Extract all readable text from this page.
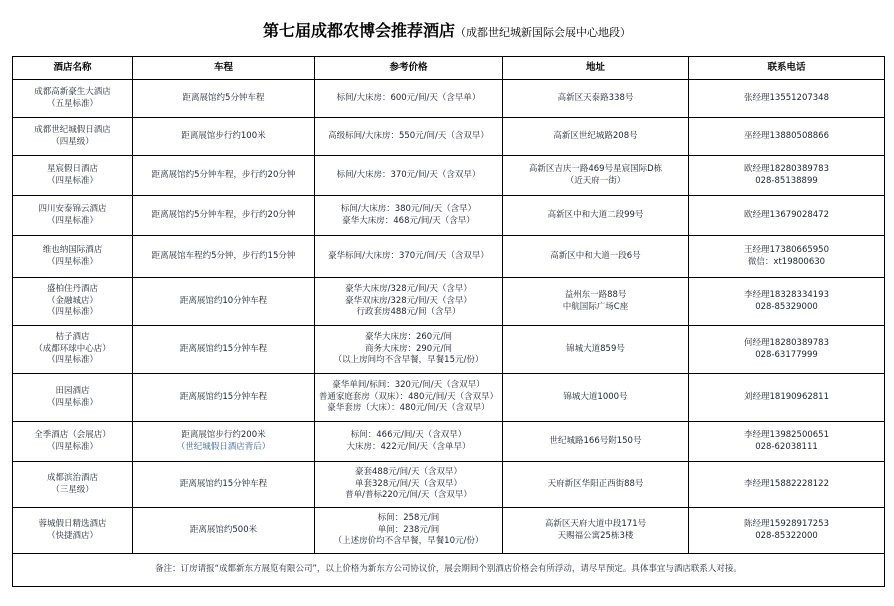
第七届成都农博会推荐酒店（成都世纪城新国际会展中心地段）
酒店名称	车程	参考价格	地址	联系电话

成都高新豪生大酒店
（五星标准）	距离展馆约5分钟车程	标间/大床房：600元/间/天（含早单）	高新区天泰路338号	张经理13551207348

成都世纪城假日酒店
（四星级）	距离展馆步行约100米	高级标间/大床房：550元/间/天（含双早）	高新区世纪城路208号	巫经理13880508866

星宸假日酒店
（四星标准）	距离展馆约5分钟车程，步行约20分钟	标间/大床房：370元/间/天（含双早）	高新区吉庆一路469号星宸国际D栋
（近天府一街）	欧经理18280389783
028-85138899

四川安泰锦云酒店
（四星标准）	距离展馆约5分钟车程，步行约20分钟	标间/大床房：380元/间/天（含早）
豪华大床房：468元/间/天（含早）	高新区中和大道二段99号	欧经理13679028472

维也纳国际酒店
（四星标准）	距离展馆车程约5分钟，步行约15分钟	豪华标间/大床房：370元/间/天（含双早）	高新区中和大道一段6号	王经理17380665950
微信：xt19800630

盛柏住丹酒店
（金融城店）
（四星标准）	距离展馆约10分钟车程	豪华大床房/328元/间/天（含早）
豪华双床房/328元/间/天（含早）
行政套房488元/间（含早）	益州东一路88号
中航国际广场C座	李经理18328334193
028-85329000

桔子酒店
（成都环球中心店）
（四星标准）	距离展馆约15分钟车程	豪华大床房：260元/间
商务大床房：290元/间
（以上房间均不含早餐，早餐15元/份）	锦城大道859号	何经理18280389783
028-63177999

田园酒店
（四星标准）	距离展馆约15分钟车程	豪华单间/标间：320元/间/天（含双早）
普通家庭套房（双床）：480元/间/天（含双早）
豪华套房（大床）：480元/间/天（含双早）	锦城大道1000号	刘经理18190962811

全季酒店（会展店）
（四星标准）	距离展馆步行约200米
（世纪城假日酒店背后）	标间：466元/间/天（含双早）
大床房：422元/间/天（含单早）	世纪城路166号附150号	李经理13982500651
028-62038111

成都滨治酒店
（三星级）	距离展馆约15分钟车程	豪套488元/间/天（含双早）
单套328元/间/天（含双早）
普单/普标220元/间/天（含双早）	天府新区华阳正西街88号	李经理15882228122

蓉城假日精选酒店
（快捷酒店）	距离展馆约500米	标间：258元/间
单间：238元/间
（上述房价均不含早餐，早餐10元/份）	高新区天府大道中段171号
天赐福公寓25栋3楼	陈经理15928917253
028-85322000

备注：订房请报“成都新东方展览有限公司”，以上价格为新东方公司协议价，展会期间个别酒店价格会有所浮动，请尽早预定。具体事宜与酒店联系人对接。				
